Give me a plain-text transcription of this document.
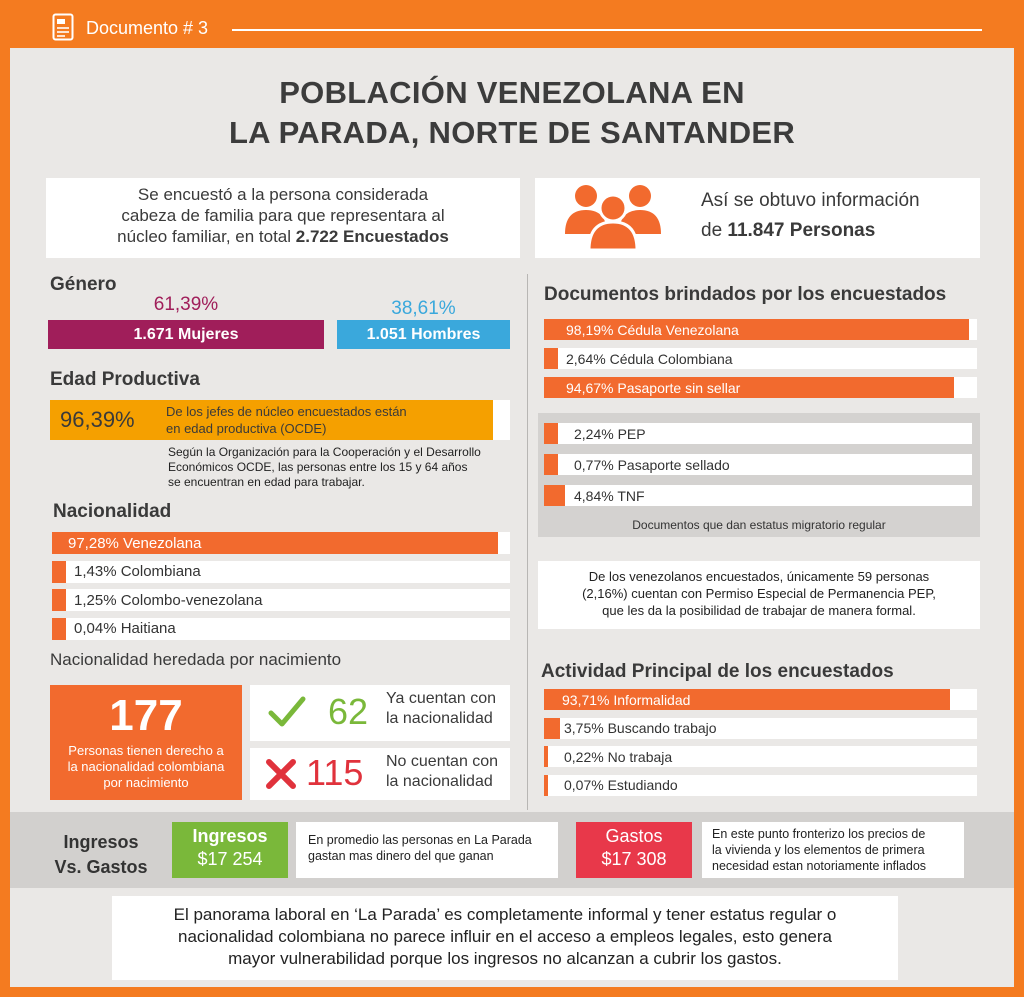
Documento # 3
POBLACIÓN VENEZOLANA EN
LA PARADA, NORTE DE SANTANDER
Se encuestó a la persona considerada
cabeza de familia para que representara al
núcleo familiar, en total 2.722 Encuestados
Así se obtuvo información
de 11.847 Personas
Género
61,39%
1.671 Mujeres
38,61%
1.051 Hombres
Edad Productiva
96,39% De los jefes de núcleo encuestados están
en edad productiva (OCDE)
Según la Organización para la Cooperación y el Desarrollo
Económicos OCDE, las personas entre los 15 y 64 años
se encuentran en edad para trabajar.
Nacionalidad
97,28% Venezolana
1,43% Colombiana
1,25% Colombo-venezolana
0,04% Haitiana
Nacionalidad heredada por nacimiento
177
Personas tienen derecho a
la nacionalidad colombiana
por nacimiento
62 Ya cuentan con
la nacionalidad
115 No cuentan con
la nacionalidad
Documentos brindados por los encuestados
98,19% Cédula Venezolana
2,64% Cédula Colombiana
94,67% Pasaporte sin sellar
2,24% PEP
0,77% Pasaporte sellado
4,84% TNF
Documentos que dan estatus migratorio regular
De los venezolanos encuestados, únicamente 59 personas
(2,16%) cuentan con Permiso Especial de Permanencia PEP,
que les da la posibilidad de trabajar de manera formal.
Actividad Principal de los encuestados
93,71% Informalidad
3,75% Buscando trabajo
0,22% No trabaja
0,07% Estudiando
Ingresos
Vs. Gastos
Ingresos
$17 254
En promedio las personas en La Parada
gastan mas dinero del que ganan
Gastos
$17 308
En este punto fronterizo los precios de
la vivienda y los elementos de primera
necesidad estan notoriamente inflados
El panorama laboral en ‘La Parada’ es completamente informal y tener estatus regular o
nacionalidad colombiana no parece influir en el acceso a empleos legales, esto genera
mayor vulnerabilidad porque los ingresos no alcanzan a cubrir los gastos.
